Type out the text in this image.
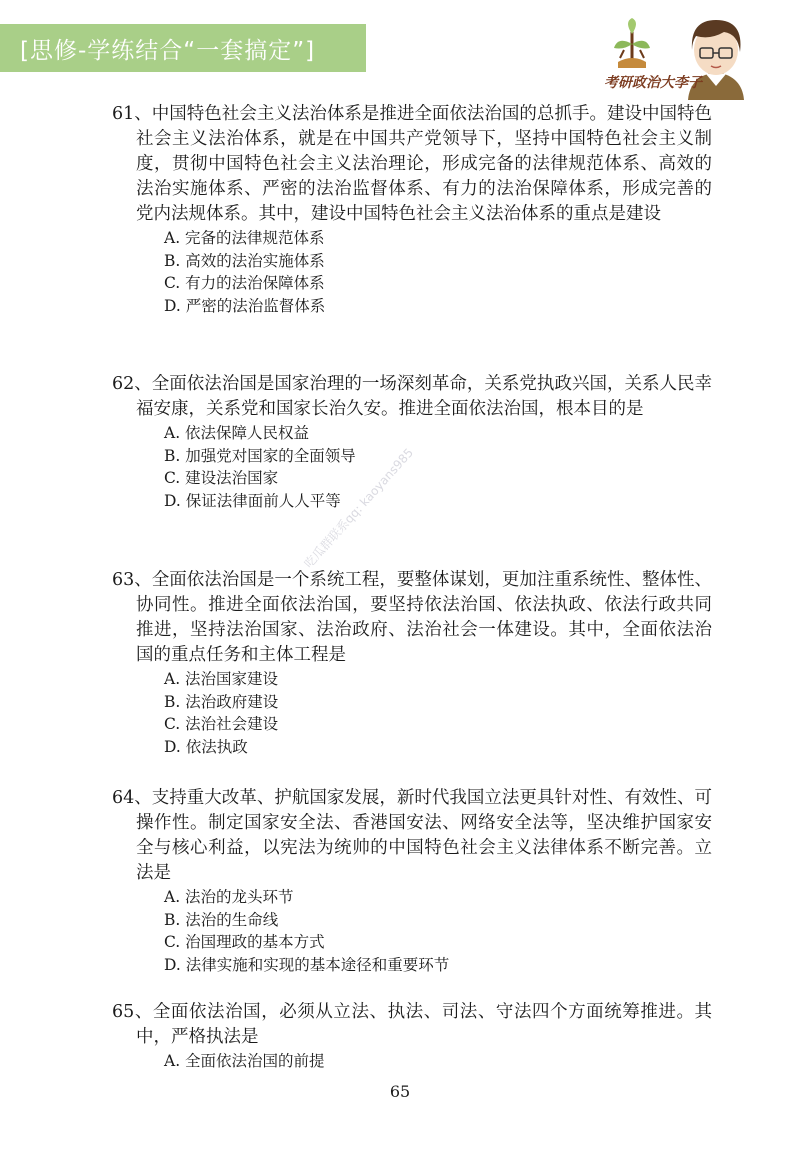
[思修-学练结合“一套搞定”]
考研政治大李子
吃瓜群联系qq: kaoyans985

61、中国特色社会主义法治体系是推进全面依法治国的总抓手。建设中国特色社会主义法治体系，就是在中国共产党领导下，坚持中国特色社会主义制度，贯彻中国特色社会主义法治理论，形成完备的法律规范体系、高效的法治实施体系、严密的法治监督体系、有力的法治保障体系，形成完善的党内法规体系。其中，建设中国特色社会主义法治体系的重点是建设

A. 完备的法律规范体系

B. 高效的法治实施体系

C. 有力的法治保障体系

D. 严密的法治监督体系

62、全面依法治国是国家治理的一场深刻革命，关系党执政兴国，关系人民幸福安康，关系党和国家长治久安。推进全面依法治国，根本目的是

A. 依法保障人民权益

B. 加强党对国家的全面领导

C. 建设法治国家

D. 保证法律面前人人平等

63、全面依法治国是一个系统工程，要整体谋划，更加注重系统性、整体性、协同性。推进全面依法治国，要坚持依法治国、依法执政、依法行政共同推进，坚持法治国家、法治政府、法治社会一体建设。其中，全面依法治国的重点任务和主体工程是

A. 法治国家建设

B. 法治政府建设

C. 法治社会建设

D. 依法执政

64、支持重大改革、护航国家发展，新时代我国立法更具针对性、有效性、可操作性。制定国家安全法、香港国安法、网络安全法等，坚决维护国家安全与核心利益，以宪法为统帅的中国特色社会主义法律体系不断完善。立法是

A. 法治的龙头环节

B. 法治的生命线

C. 治国理政的基本方式

D. 法律实施和实现的基本途径和重要环节

65、全面依法治国，必须从立法、执法、司法、守法四个方面统筹推进。其中，严格执法是

A. 全面依法治国的前提

65
